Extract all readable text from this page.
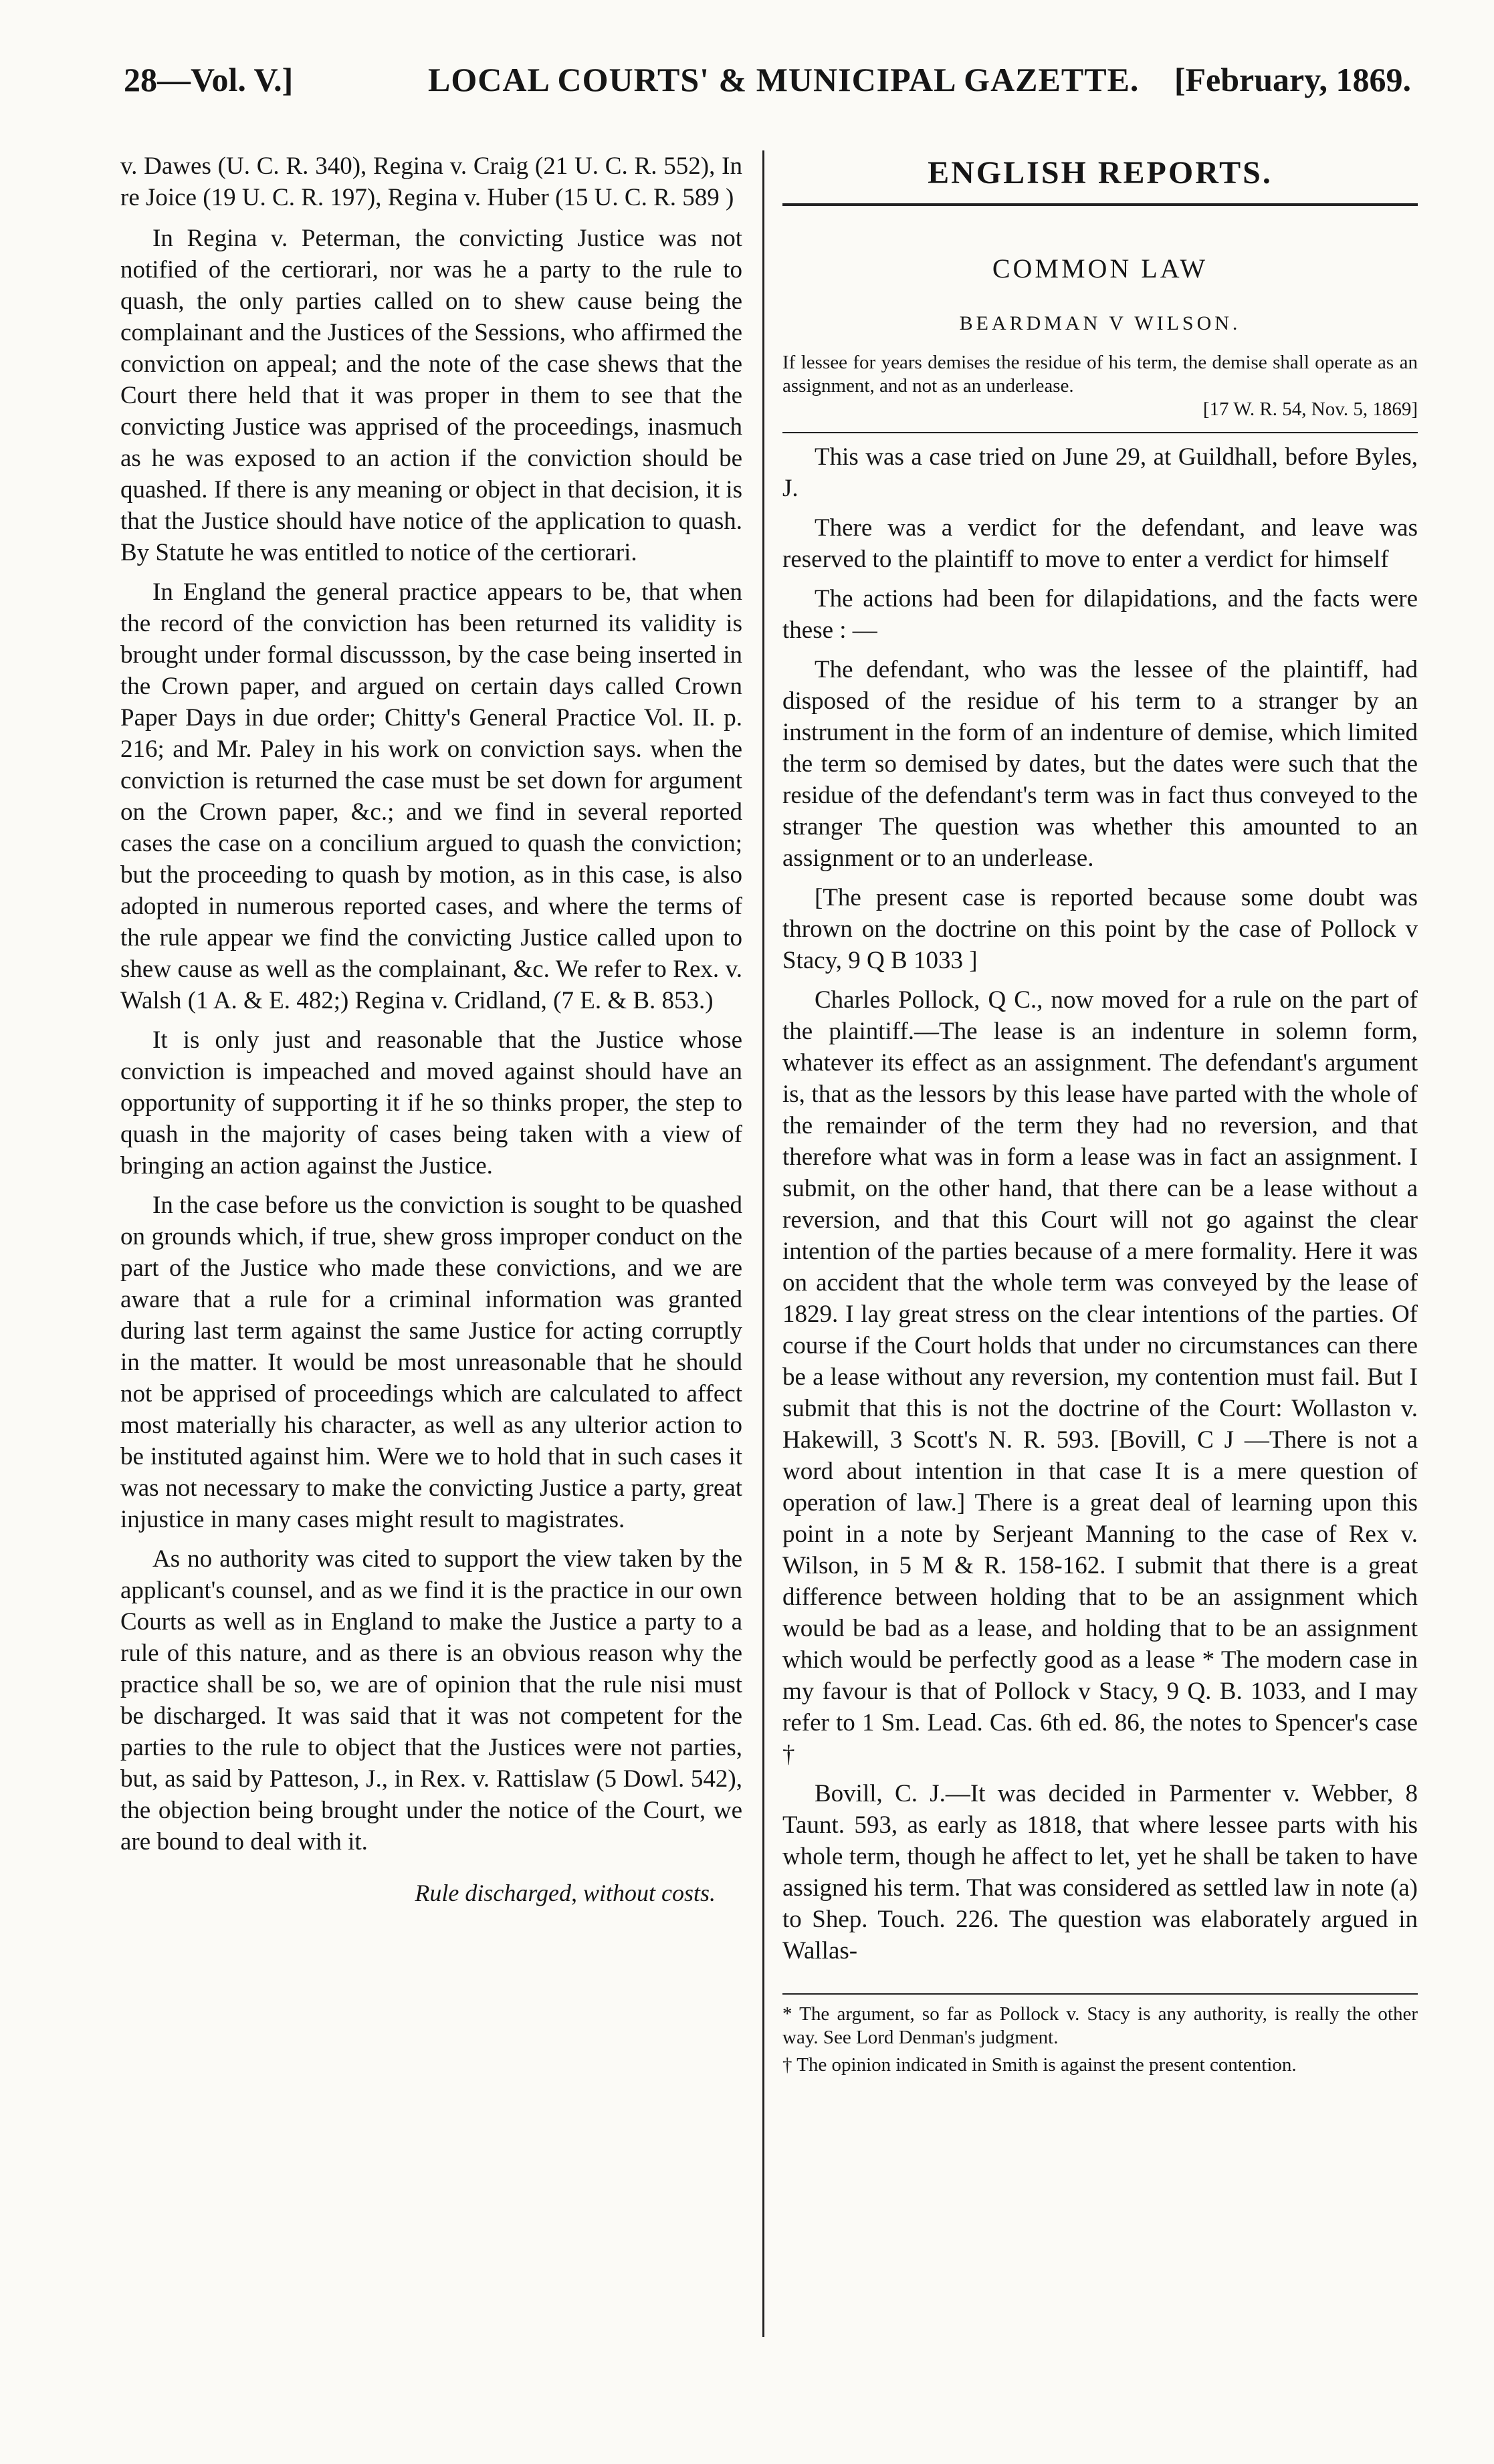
28—Vol. V.]	LOCAL COURTS' & MUNICIPAL GAZETTE. [February, 1869.

v. Dawes (U. C. R. 340), Regina v. Craig (21 U. C. R. 552), In re Joice (19 U. C. R. 197), Regina v. Huber (15 U. C. R. 589 )

In Regina v. Peterman, the convicting Justice was not notified of the certiorari, nor was he a party to the rule to quash, the only parties called on to shew cause being the complainant and the Justices of the Sessions, who affirmed the conviction on appeal; and the note of the case shews that the Court there held that it was proper in them to see that the convicting Justice was apprised of the proceedings, inasmuch as he was exposed to an action if the conviction should be quashed. If there is any meaning or object in that decision, it is that the Justice should have notice of the application to quash. By Statute he was entitled to notice of the certiorari.

In England the general practice appears to be, that when the record of the conviction has been returned its validity is brought under formal discussson, by the case being inserted in the Crown paper, and argued on certain days called Crown Paper Days in due order; Chitty's General Practice Vol. II. p. 216; and Mr. Paley in his work on conviction says. when the conviction is returned the case must be set down for argument on the Crown paper, &c.; and we find in several reported cases the case on a concilium argued to quash the conviction; but the proceeding to quash by motion, as in this case, is also adopted in numerous reported cases, and where the terms of the rule appear we find the convicting Justice called upon to shew cause as well as the complainant, &c. We refer to Rex. v. Walsh (1 A. & E. 482;) Regina v. Cridland, (7 E. & B. 853.)

It is only just and reasonable that the Justice whose conviction is impeached and moved against should have an opportunity of supporting it if he so thinks proper, the step to quash in the majority of cases being taken with a view of bringing an action against the Justice.

In the case before us the conviction is sought to be quashed on grounds which, if true, shew gross improper conduct on the part of the Justice who made these convictions, and we are aware that a rule for a criminal information was granted during last term against the same Justice for acting corruptly in the matter. It would be most unreasonable that he should not be apprised of proceedings which are calculated to affect most materially his character, as well as any ulterior action to be instituted against him. Were we to hold that in such cases it was not necessary to make the convicting Justice a party, great injustice in many cases might result to magistrates.

As no authority was cited to support the view taken by the applicant's counsel, and as we find it is the practice in our own Courts as well as in England to make the Justice a party to a rule of this nature, and as there is an obvious reason why the practice shall be so, we are of opinion that the rule nisi must be discharged. It was said that it was not competent for the parties to the rule to object that the Justices were not parties, but, as said by Patteson, J., in Rex. v. Rattislaw (5 Dowl. 542), the objection being brought under the notice of the Court, we are bound to deal with it.

Rule discharged, without costs.

ENGLISH REPORTS.
COMMON LAW
BEARDMAN V WILSON.
If lessee for years demises the residue of his term, the demise shall operate as an assignment, and not as an underlease.
[17 W. R. 54, Nov. 5, 1869]

This was a case tried on June 29, at Guildhall, before Byles, J.

There was a verdict for the defendant, and leave was reserved to the plaintiff to move to enter a verdict for himself

The actions had been for dilapidations, and the facts were these : —

The defendant, who was the lessee of the plaintiff, had disposed of the residue of his term to a stranger by an instrument in the form of an indenture of demise, which limited the term so demised by dates, but the dates were such that the residue of the defendant's term was in fact thus conveyed to the stranger The question was whether this amounted to an assignment or to an underlease.

[The present case is reported because some doubt was thrown on the doctrine on this point by the case of Pollock v Stacy, 9 Q B 1033 ]

Charles Pollock, Q C., now moved for a rule on the part of the plaintiff.—The lease is an indenture in solemn form, whatever its effect as an assignment. The defendant's argument is, that as the lessors by this lease have parted with the whole of the remainder of the term they had no reversion, and that therefore what was in form a lease was in fact an assignment. I submit, on the other hand, that there can be a lease without a reversion, and that this Court will not go against the clear intention of the parties because of a mere formality. Here it was on accident that the whole term was conveyed by the lease of 1829. I lay great stress on the clear intentions of the parties. Of course if the Court holds that under no circumstances can there be a lease without any reversion, my contention must fail. But I submit that this is not the doctrine of the Court: Wollaston v. Hakewill, 3 Scott's N. R. 593. [Bovill, C J —There is not a word about intention in that case It is a mere question of operation of law.] There is a great deal of learning upon this point in a note by Serjeant Manning to the case of Rex v. Wilson, in 5 M & R. 158-162. I submit that there is a great difference between holding that to be an assignment which would be bad as a lease, and holding that to be an assignment which would be perfectly good as a lease * The modern case in my favour is that of Pollock v Stacy, 9 Q. B. 1033, and I may refer to 1 Sm. Lead. Cas. 6th ed. 86, the notes to Spencer's case †

Bovill, C. J.—It was decided in Parmenter v. Webber, 8 Taunt. 593, as early as 1818, that where lessee parts with his whole term, though he affect to let, yet he shall be taken to have assigned his term. That was considered as settled law in note (a) to Shep. Touch. 226. The question was elaborately argued in Wallas-

* The argument, so far as Pollock v. Stacy is any authority, is really the other way. See Lord Denman's judgment.

† The opinion indicated in Smith is against the present contention.
